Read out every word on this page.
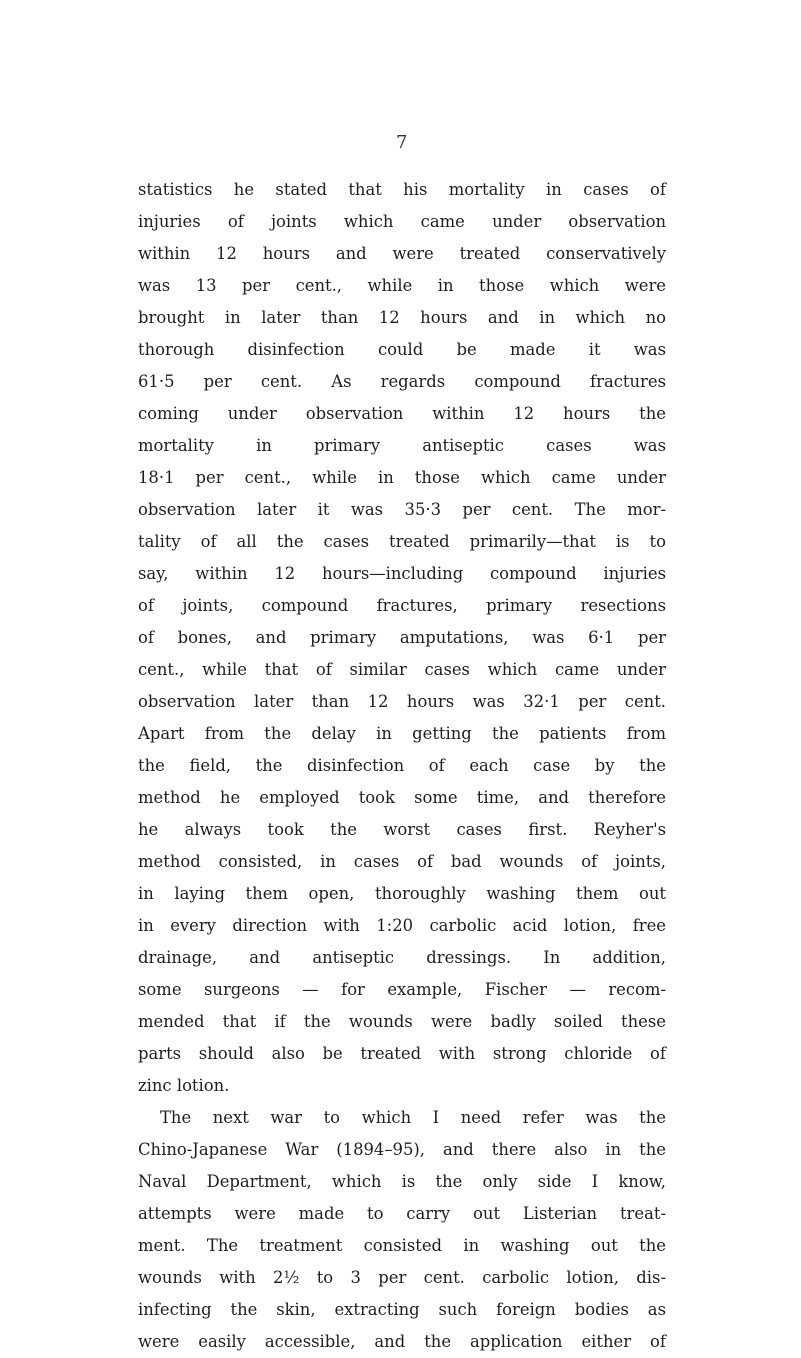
7
statistics he stated that his mortality in cases of
injuries of joints which came under observation
within 12 hours and were treated conservatively
was 13 per cent., while in those which were
brought in later than 12 hours and in which no
thorough disinfection could be made it was
61·5 per cent. As regards compound fractures
coming under observation within 12 hours the
mortality in primary antiseptic cases was
18·1 per cent., while in those which came under
observation later it was 35·3 per cent. The mor-
tality of all the cases treated primarily—that is to
say, within 12 hours—including compound injuries
of joints, compound fractures, primary resections
of bones, and primary amputations, was 6·1 per
cent., while that of similar cases which came under
observation later than 12 hours was 32·1 per cent.
Apart from the delay in getting the patients from
the field, the disinfection of each case by the
method he employed took some time, and therefore
he always took the worst cases first. Reyher's
method consisted, in cases of bad wounds of joints,
in laying them open, thoroughly washing them out
in every direction with 1:20 carbolic acid lotion, free
drainage, and antiseptic dressings. In addition,
some surgeons — for example, Fischer — recom-
mended that if the wounds were badly soiled these
parts should also be treated with strong chloride of
zinc lotion.
The next war to which I need refer was the
Chino-Japanese War (1894–95), and there also in the
Naval Department, which is the only side I know,
attempts were made to carry out Listerian treat-
ment. The treatment consisted in washing out the
wounds with 2½ to 3 per cent. carbolic lotion, dis-
infecting the skin, extracting such foreign bodies as
were easily accessible, and the application either of
